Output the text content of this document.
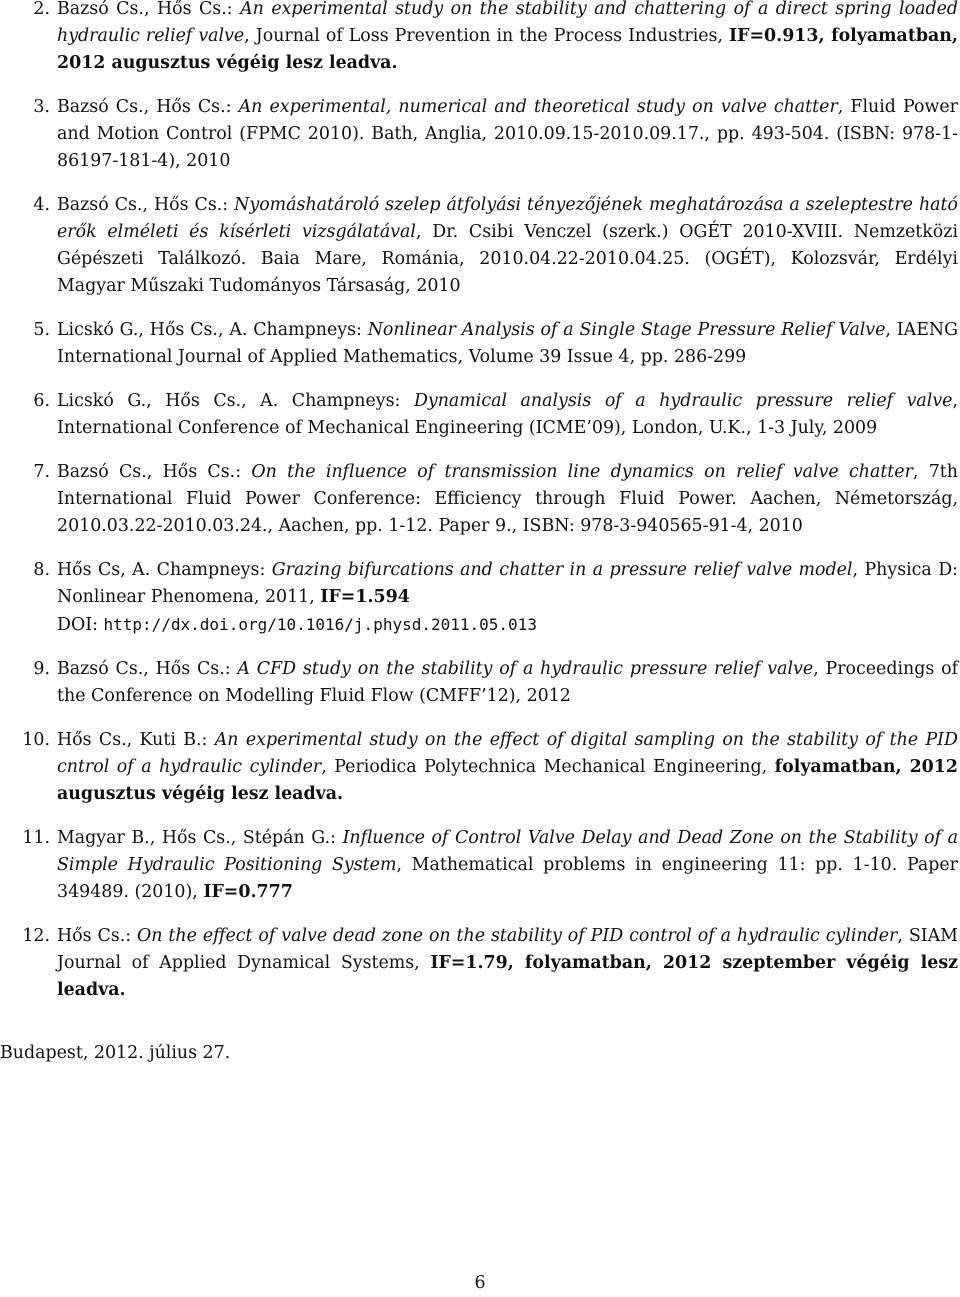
2. Bazsó Cs., Hős Cs.: An experimental study on the stability and chattering of a direct spring loaded hydraulic relief valve, Journal of Loss Prevention in the Process Industries, IF=0.913, folyamatban, 2012 augusztus végéig lesz leadva.
3. Bazsó Cs., Hős Cs.: An experimental, numerical and theoretical study on valve chatter, Fluid Power and Motion Control (FPMC 2010). Bath, Anglia, 2010.09.15-2010.09.17., pp. 493-504. (ISBN: 978-1-86197-181-4), 2010
4. Bazsó Cs., Hős Cs.: Nyomáshatároló szelep átfolyási tényezőjének meghatározása a szeleptestre ható erők elméleti és kísérleti vizsgálatával, Dr. Csibi Venczel (szerk.) OGÉT 2010-XVIII. Nemzetközi Gépészeti Találkozó. Baia Mare, Románia, 2010.04.22-2010.04.25. (OGÉT), Kolozsvár, Erdélyi Magyar Műszaki Tudományos Társaság, 2010
5. Licskó G., Hős Cs., A. Champneys: Nonlinear Analysis of a Single Stage Pressure Relief Valve, IAENG International Journal of Applied Mathematics, Volume 39 Issue 4, pp. 286-299
6. Licskó G., Hős Cs., A. Champneys: Dynamical analysis of a hydraulic pressure relief valve, International Conference of Mechanical Engineering (ICME’09), London, U.K., 1-3 July, 2009
7. Bazsó Cs., Hős Cs.: On the influence of transmission line dynamics on relief valve chatter, 7th International Fluid Power Conference: Efficiency through Fluid Power. Aachen, Németország, 2010.03.22-2010.03.24., Aachen, pp. 1-12. Paper 9., ISBN: 978-3-940565-91-4, 2010
8. Hős Cs, A. Champneys: Grazing bifurcations and chatter in a pressure relief valve model, Physica D: Nonlinear Phenomena, 2011, IF=1.594
DOI: http://dx.doi.org/10.1016/j.physd.2011.05.013
9. Bazsó Cs., Hős Cs.: A CFD study on the stability of a hydraulic pressure relief valve, Proceedings of the Conference on Modelling Fluid Flow (CMFF’12), 2012
10. Hős Cs., Kuti B.: An experimental study on the effect of digital sampling on the stability of the PID cntrol of a hydraulic cylinder, Periodica Polytechnica Mechanical Engineering, folyamatban, 2012 augusztus végéig lesz leadva.
11. Magyar B., Hős Cs., Stépán G.: Influence of Control Valve Delay and Dead Zone on the Stability of a Simple Hydraulic Positioning System, Mathematical problems in engineering 11: pp. 1-10. Paper 349489. (2010), IF=0.777
12. Hős Cs.: On the effect of valve dead zone on the stability of PID control of a hydraulic cylinder, SIAM Journal of Applied Dynamical Systems, IF=1.79, folyamatban, 2012 szeptember végéig lesz leadva.
Budapest, 2012. július 27.
6
